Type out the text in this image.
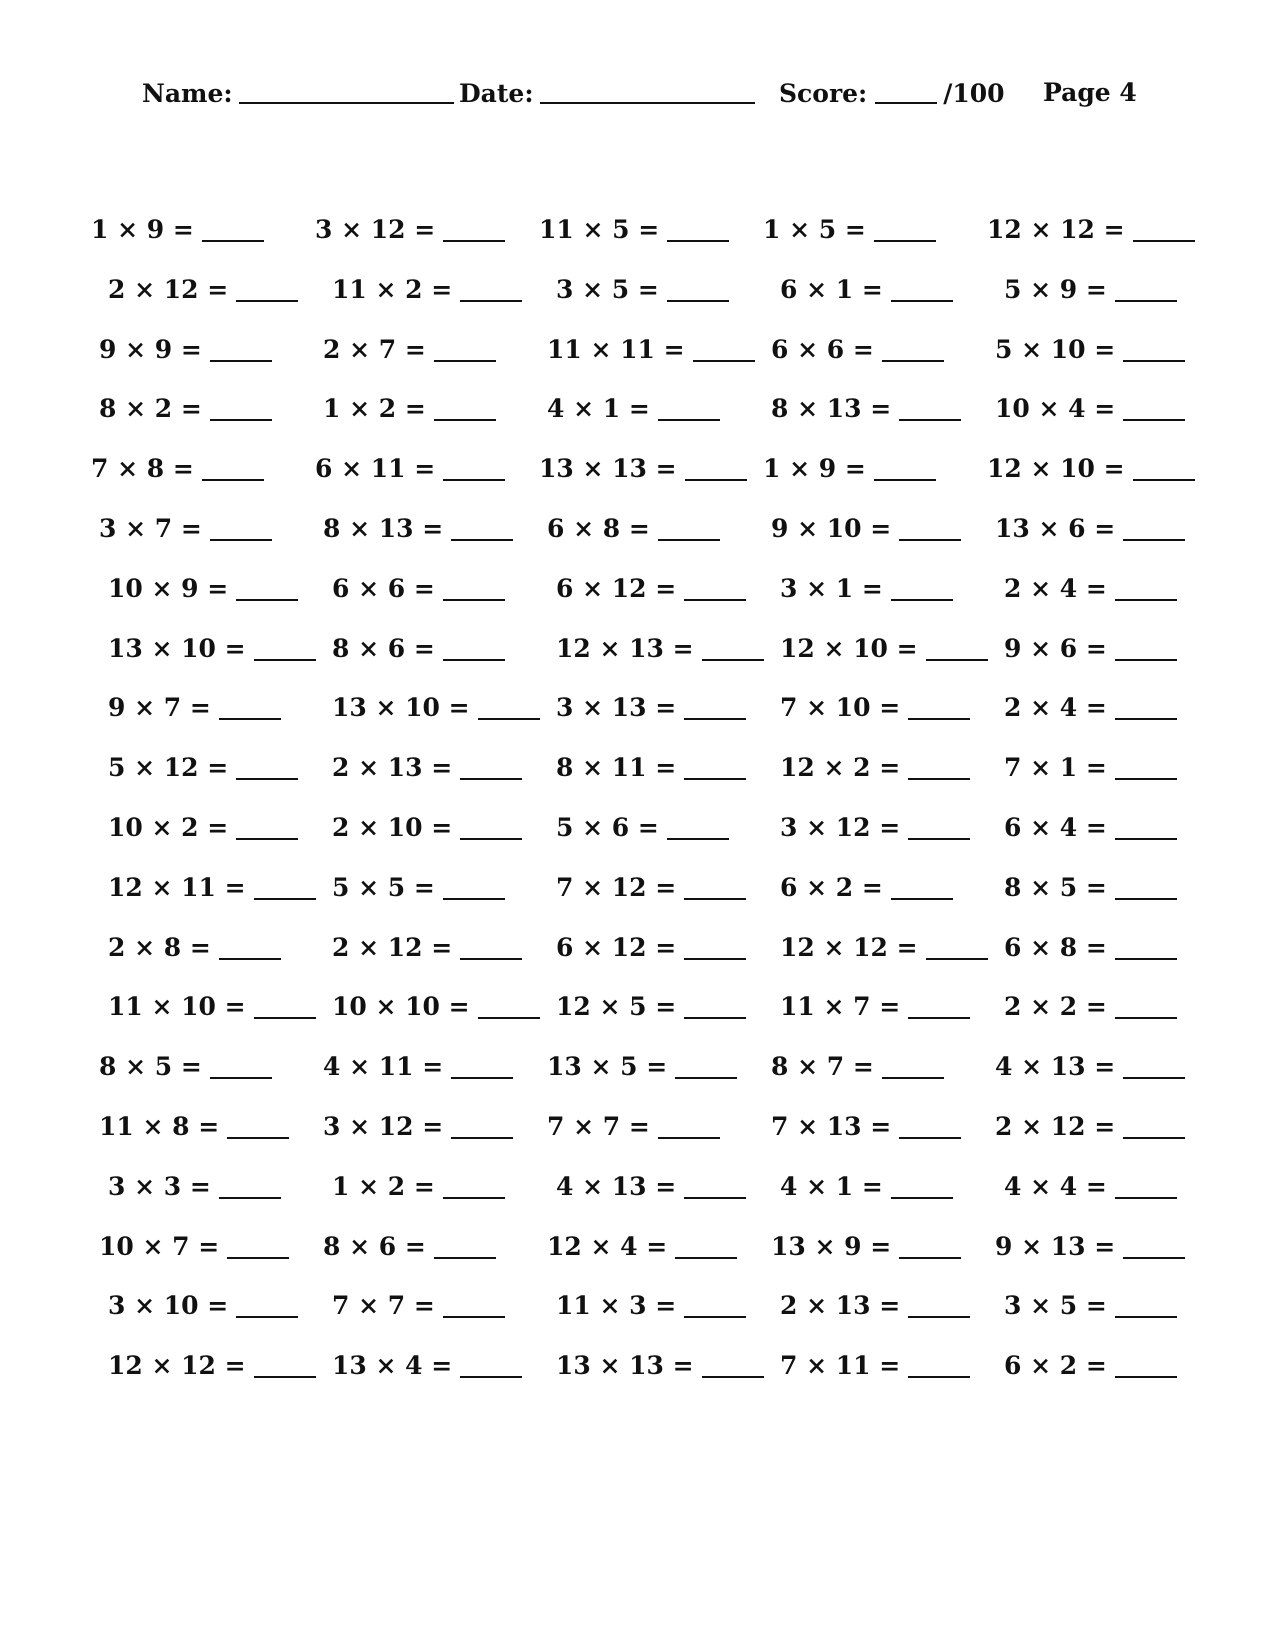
Name:	Date:	Score:	/100 Page 4
1 × 9 =	3 × 12 =	11 × 5 =	1 × 5 =	12 × 12 =
2 × 12 =	11 × 2 =	3 × 5 =	6 × 1 =	5 × 9 =
9 × 9 =	2 × 7 =	11 × 11 =	6 × 6 =	5 × 10 =
8 × 2 =	1 × 2 =	4 × 1 =	8 × 13 =	10 × 4 =
7 × 8 =	6 × 11 =	13 × 13 =	1 × 9 =	12 × 10 =
3 × 7 =	8 × 13 =	6 × 8 =	9 × 10 =	13 × 6 =
10 × 9 =	6 × 6 =	6 × 12 =	3 × 1 =	2 × 4 =
13 × 10 =	8 × 6 =	12 × 13 =	12 × 10 =	9 × 6 =
9 × 7 =	13 × 10 =	3 × 13 =	7 × 10 =	2 × 4 =
5 × 12 =	2 × 13 =	8 × 11 =	12 × 2 =	7 × 1 =
10 × 2 =	2 × 10 =	5 × 6 =	3 × 12 =	6 × 4 =
12 × 11 =	5 × 5 =	7 × 12 =	6 × 2 =	8 × 5 =
2 × 8 =	2 × 12 =	6 × 12 =	12 × 12 =	6 × 8 =
11 × 10 =	10 × 10 =	12 × 5 =	11 × 7 =	2 × 2 =
8 × 5 =	4 × 11 =	13 × 5 =	8 × 7 =	4 × 13 =
11 × 8 =	3 × 12 =	7 × 7 =	7 × 13 =	2 × 12 =
3 × 3 =	1 × 2 =	4 × 13 =	4 × 1 =	4 × 4 =
10 × 7 =	8 × 6 =	12 × 4 =	13 × 9 =	9 × 13 =
3 × 10 =	7 × 7 =	11 × 3 =	2 × 13 =	3 × 5 =
12 × 12 =	13 × 4 =	13 × 13 =	7 × 11 =	6 × 2 =
